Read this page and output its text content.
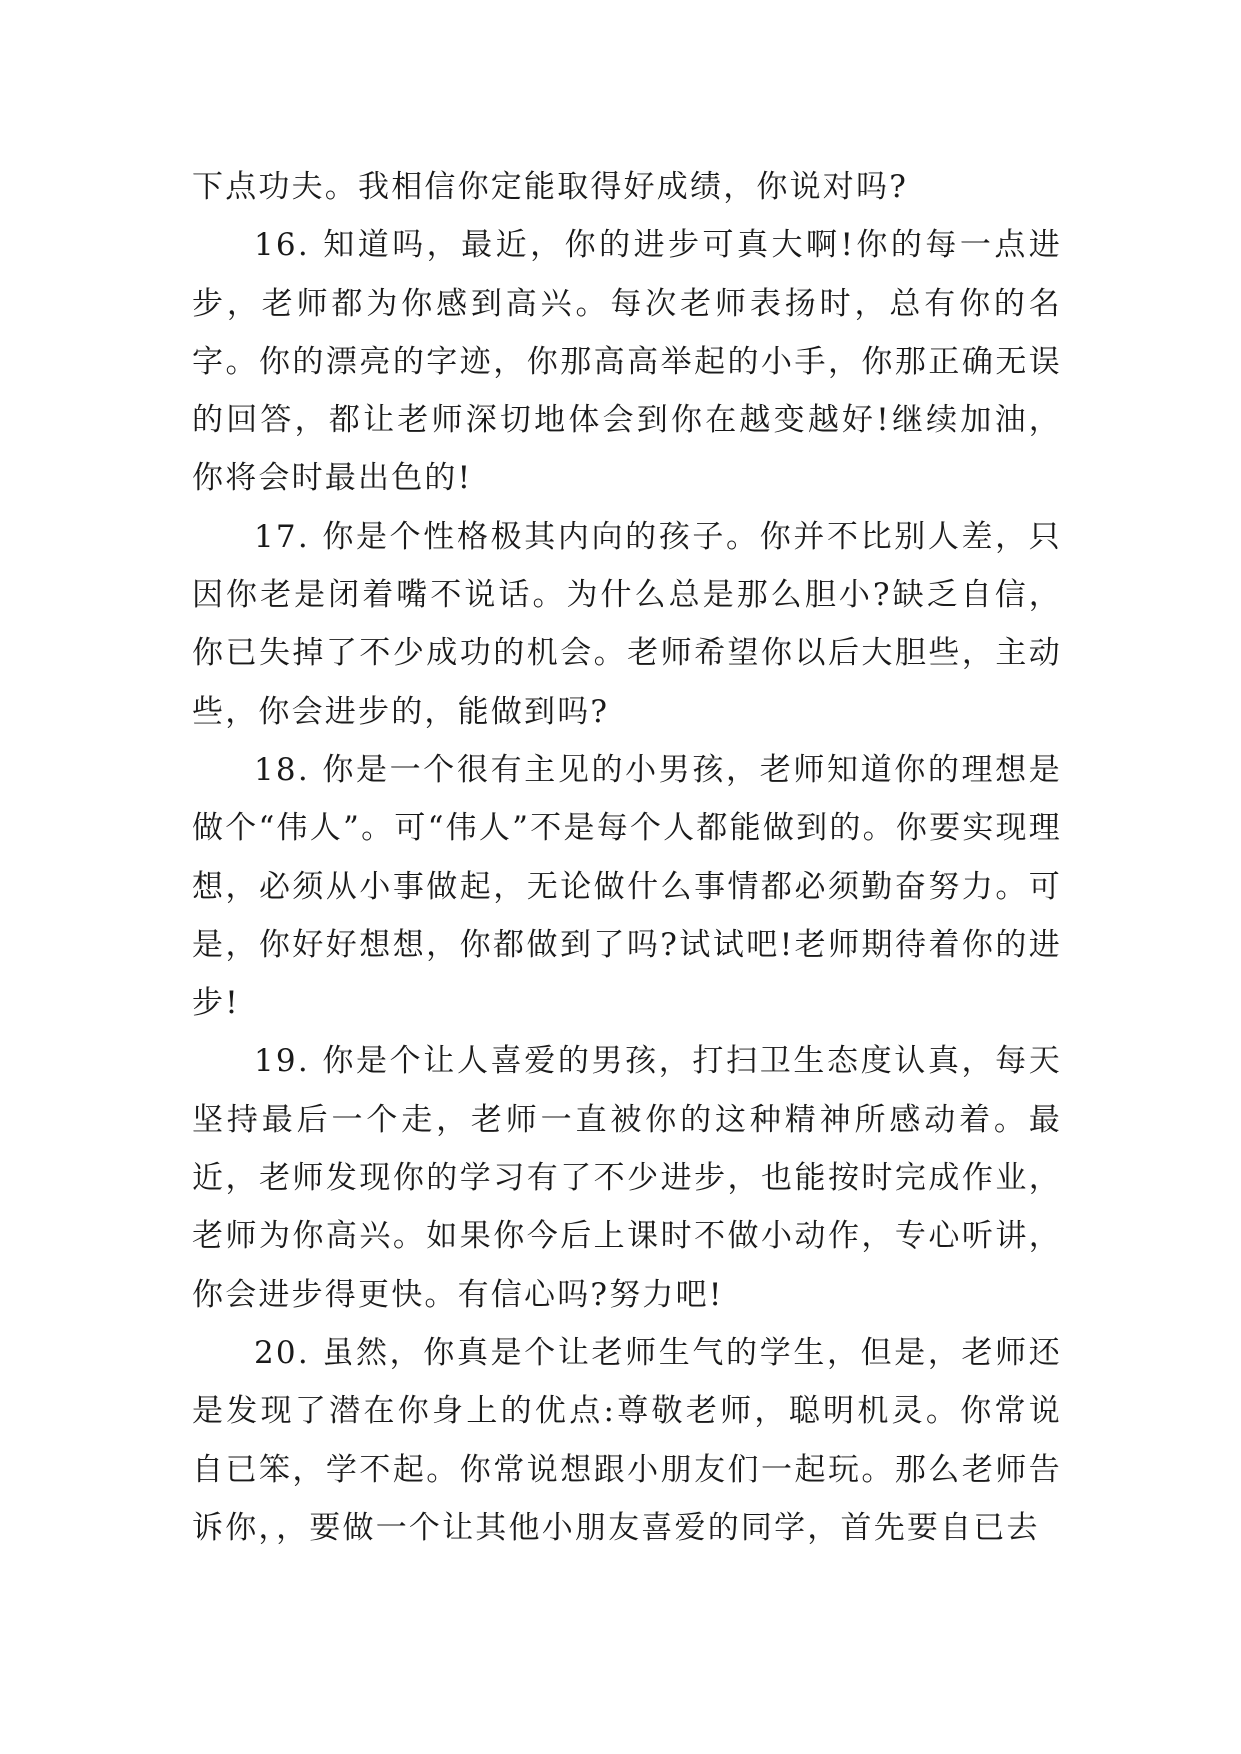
下点功夫。我相信你定能取得好成绩，你说对吗?

16. 知道吗，最近，你的进步可真大啊!你的每一点进步，老师都为你感到高兴。每次老师表扬时，总有你的名字。你的漂亮的字迹，你那高高举起的小手，你那正确无误的回答，都让老师深切地体会到你在越变越好!继续加油，你将会时最出色的!

17. 你是个性格极其内向的孩子。你并不比别人差，只因你老是闭着嘴不说话。为什么总是那么胆小?缺乏自信，你已失掉了不少成功的机会。老师希望你以后大胆些，主动些，你会进步的，能做到吗?

18. 你是一个很有主见的小男孩，老师知道你的理想是做个“伟人”。可“伟人”不是每个人都能做到的。你要实现理想，必须从小事做起，无论做什么事情都必须勤奋努力。可是，你好好想想，你都做到了吗?试试吧!老师期待着你的进步!

19. 你是个让人喜爱的男孩，打扫卫生态度认真，每天坚持最后一个走，老师一直被你的这种精神所感动着。最近，老师发现你的学习有了不少进步，也能按时完成作业，老师为你高兴。如果你今后上课时不做小动作，专心听讲，你会进步得更快。有信心吗?努力吧!

20. 虽然，你真是个让老师生气的学生，但是，老师还是发现了潜在你身上的优点:尊敬老师，聪明机灵。你常说自已笨，学不起。你常说想跟小朋友们一起玩。那么老师告诉你，，要做一个让其他小朋友喜爱的同学，首先要自已去
